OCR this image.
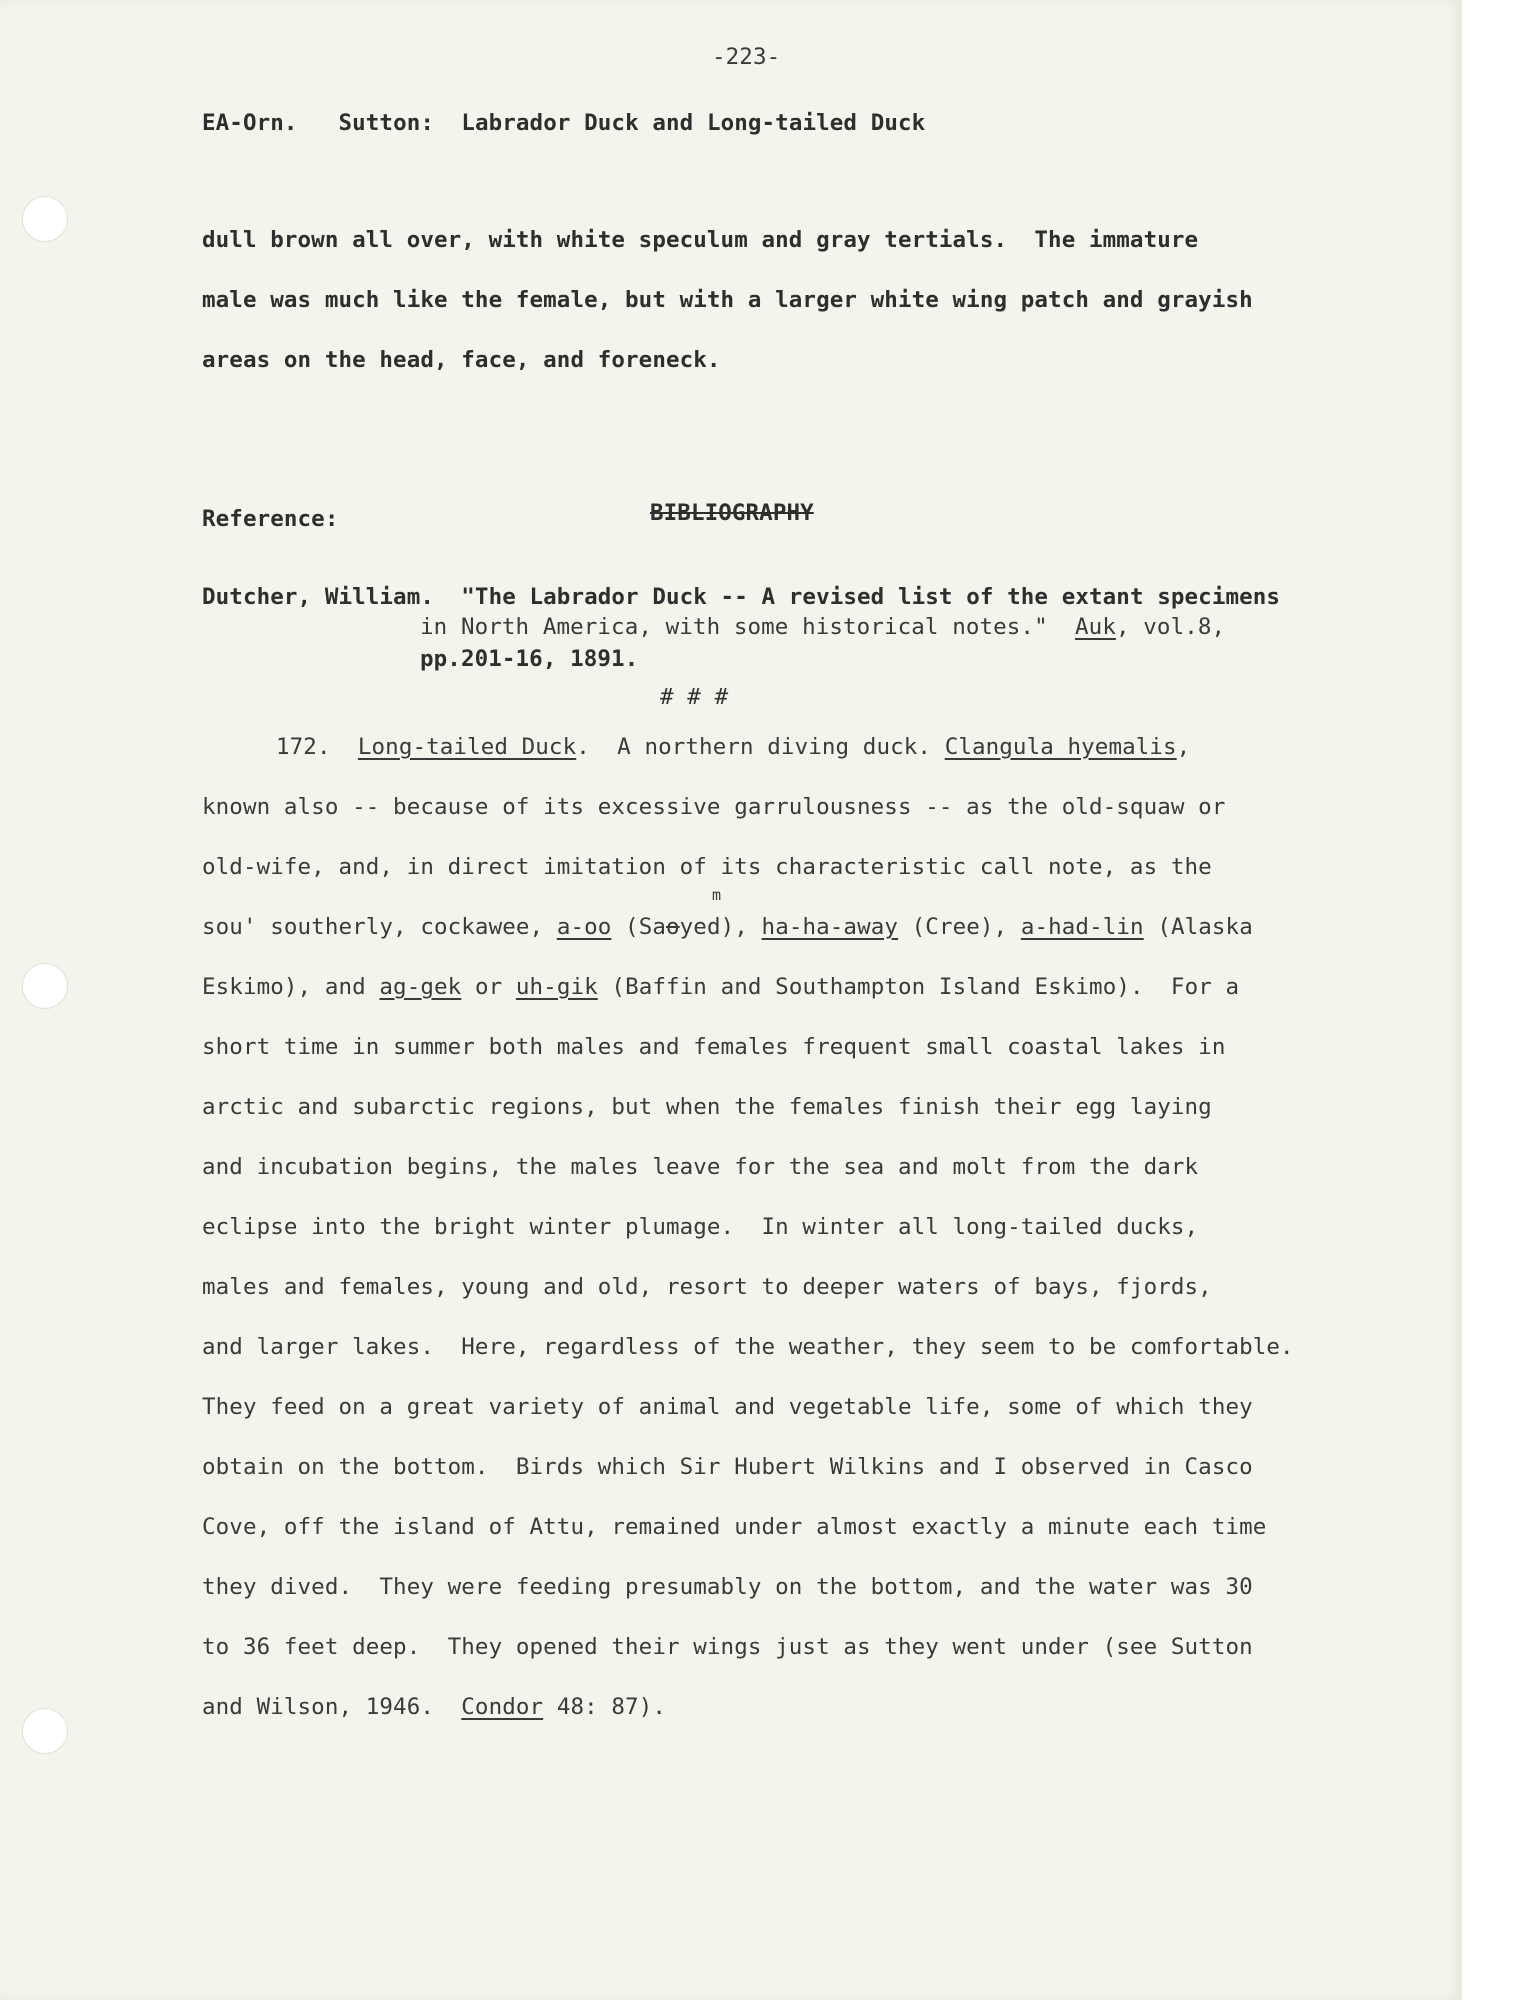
-223-

EA-Orn. Sutton: Labrador Duck and Long-tailed Duck

dull brown all over, with white speculum and gray tertials.  The immature

male was much like the female, but with a larger white wing patch and grayish

areas on the head, face, and foreneck.

Reference:	BIBLIOGRAPHY

Dutcher, William. "The Labrador Duck -- A revised list of the extant specimens

in North America, with some historical notes." Auk, vol.8,

pp.201-16, 1891.

# # #

172. Long-tailed Duck.  A northern diving duck. Clangula hyemalis,

known also -- because of its excessive garrulousness -- as the old-squaw or

old-wife, and, in direct imitation of its characteristic call note, as the

m

sou' southerly, cockawee, a-oo (Saoyed), ha-ha-away (Cree), a-had-lin (Alaska

Eskimo), and ag-gek or uh-gik (Baffin and Southampton Island Eskimo).  For a

short time in summer both males and females frequent small coastal lakes in

arctic and subarctic regions, but when the females finish their egg laying

and incubation begins, the males leave for the sea and molt from the dark

eclipse into the bright winter plumage.  In winter all long-tailed ducks,

males and females, young and old, resort to deeper waters of bays, fjords,

and larger lakes.  Here, regardless of the weather, they seem to be comfortable.

They feed on a great variety of animal and vegetable life, some of which they

obtain on the bottom.  Birds which Sir Hubert Wilkins and I observed in Casco

Cove, off the island of Attu, remained under almost exactly a minute each time

they dived.  They were feeding presumably on the bottom, and the water was 30

to 36 feet deep.  They opened their wings just as they went under (see Sutton

and Wilson, 1946.  Condor 48: 87).
